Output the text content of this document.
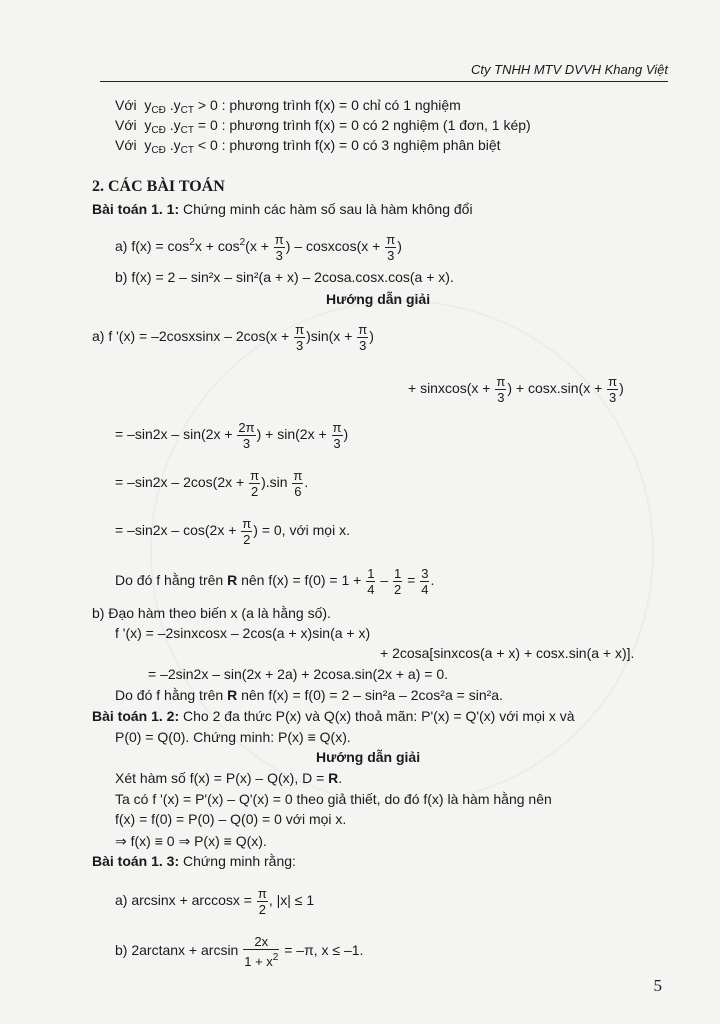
Cty TNHH MTV DVVH Khang Việt
Với $y_{CĐ}$ $.y_{CT} > 0$ : phương trình f(x) = 0 chỉ có 1 nghiệm
Với $y_{CĐ}$ $.y_{CT} = 0$ : phương trình f(x) = 0 có 2 nghiệm (1 đơn, 1 kép)
Với $y_{CĐ}$ $.y_{CT} < 0$ : phương trình f(x) = 0 có 3 nghiệm phân biệt
2. CÁC BÀI TOÁN
Bài toán 1. 1: Chứng minh các hàm số sau là hàm không đổi
a) $f(x) = \cos^2x + \cos^2(x + \frac{\pi}{3}$ ) – cosxcos(x + $\frac{\pi}{3}$ )
b) f(x) = 2 – sin²x – sin²(a + x) – 2cosa.cosx.cos(a + x).
Hướng dẫn giải
a) f '(x) = –2cosxsinx – $2\cos(x + \frac{\pi}{3} )\sin(x + \frac{\pi}{3}$ )
+ sinxcos(x + $\frac{\pi}{3}$ ) + $\cos x.\sin(x + \frac{\pi}{3}$ )
= $-\sin 2x - \sin(2x + \frac{2\pi}{3}$ ) + $\sin(2x + \frac{\pi}{3}$ )
= $-\sin 2x - 2\cos(2x + \frac{\pi}{2} ).\sin \frac{\pi}{6}$ .
= $-\sin 2x - \cos(2x + \frac{\pi}{2}$ ) = 0, với mọi x.
Do đó f hằng trên R nên $f(x) = f(0) = 1 + \frac{1}{4} - \frac{1}{2} = \frac{3}{4}$ .
b) Đạo hàm theo biến x (a là hằng số).
f '(x) = –2sinxcosx – 2cos(a + x)sin(a + x)
+ 2cosa[sinxcos(a + x) + cosx.sin(a + x)].
= –2sin2x – sin(2x + 2a) + 2cosa.sin(2x + a) = 0.
Do đó f hằng trên R nên f(x) = f(0) = 2 – sin²a – 2cos²a = sin²a.
Bài toán 1. 2: Cho 2 đa thức P(x) và Q(x) thoả mãn: P'(x) = Q'(x) với mọi x và
P(0) = Q(0). Chứng minh: P(x) ≡ Q(x).
Hướng dẫn giải
Xét hàm số f(x) = P(x) – Q(x), D = R.
Ta có f '(x) = P'(x) – Q'(x) = 0 theo giả thiết, do đó f(x) là hàm hằng nên
f(x) = f(0) = P(0) – Q(0) = 0 với mọi x.
⇒ f(x) ≡ 0 ⇒ P(x) ≡ Q(x).
Bài toán 1. 3: Chứng minh rằng:
a) $\arcsin x + \arccos x = \frac{\pi}{2}$ , |x| ≤ 1
b) $2\arctan x + \arcsin \frac{2x}{1 + x^2} = -\pi$, x ≤ –1.
5
